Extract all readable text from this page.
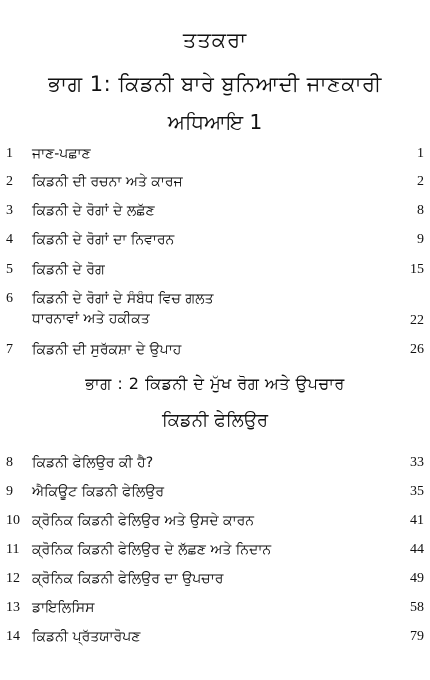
ਤਤਕਰਾ
ਭਾਗ 1: ਕਿਡਨੀ ਬਾਰੇ ਬੁਨਿਆਦੀ ਜਾਣਕਾਰੀ
ਅਧਿਆਇ 1
1 ਜਾਣ-ਪਛਾਣ	1
2 ਕਿਡਨੀ ਦੀ ਰਚਨਾ ਅਤੇ ਕਾਰਜ	2
3 ਕਿਡਨੀ ਦੇ ਰੋਗਾਂ ਦੇ ਲਛੱਣ	8
4 ਕਿਡਨੀ ਦੇ ਰੋਗਾਂ ਦਾ ਨਿਵਾਰਨ	9
5 ਕਿਡਨੀ ਦੇ ਰੋਗ	15
6 ਕਿਡਨੀ ਦੇ ਰੋਗਾਂ ਦੇ ਸੰਬੰਧ ਵਿਚ ਗਲਤ
ਧਾਰਨਾਵਾਂ ਅਤੇ ਹਕੀਕਤ	22
7 ਕਿਡਨੀ ਦੀ ਸੁਰੱਕਸ਼ਾ ਦੇ ਉਪਾਹ	26
ਭਾਗ : 2 ਕਿਡਨੀ ਦੇ ਮੁੱਖ ਰੋਗ ਅਤੇ ਉਪਚਾਰ
ਕਿਡਨੀ ਫੇਲਿਉਰ
8 ਕਿਡਨੀ ਫੇਲਿਉਰ ਕੀ ਹੈ?	33
9 ਐਕਿਊਟ ਕਿਡਨੀ ਫੇਲਿਉਰ	35
10 ਕ੍ਰੋਨਿਕ ਕਿਡਨੀ ਫੇਲਿਉਰ ਅਤੇ ਉਸਦੇ ਕਾਰਨ	41
11 ਕ੍ਰੋਨਿਕ ਕਿਡਨੀ ਫੇਲਿਉਰ ਦੇ ਲੱਛਣ ਅਤੇ ਨਿਦਾਨ	44
12 ਕ੍ਰੋਨਿਕ ਕਿਡਨੀ ਫੇਲਿਉਰ ਦਾ ਉਪਚਾਰ	49
13 ਡਾਇਲਿਸਿਸ	58
14 ਕਿਡਨੀ ਪ੍ਰੱਤਯਾਰੋਪਣ	79
